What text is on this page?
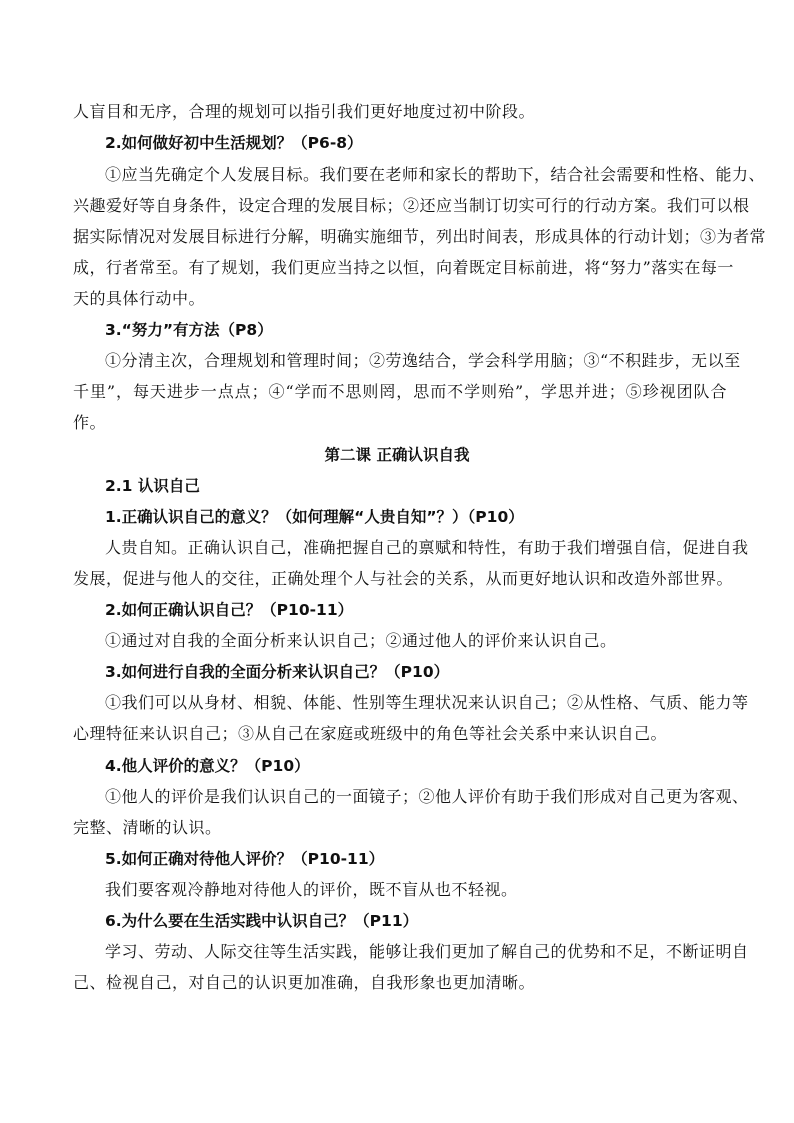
人盲目和无序，合理的规划可以指引我们更好地度过初中阶段。
2.如何做好初中生活规划？（P6-8）
①应当先确定个人发展目标。我们要在老师和家长的帮助下，结合社会需要和性格、能力、
兴趣爱好等自身条件，设定合理的发展目标；②还应当制订切实可行的行动方案。我们可以根
据实际情况对发展目标进行分解，明确实施细节，列出时间表，形成具体的行动计划；③为者常
成，行者常至。有了规划，我们更应当持之以恒，向着既定目标前进，将“努力”落实在每一
天的具体行动中。
3.“努力”有方法（P8）
①分清主次，合理规划和管理时间；②劳逸结合，学会科学用脑；③“不积跬步，无以至
千里”，每天进步一点点；④“学而不思则罔，思而不学则殆”，学思并进；⑤珍视团队合
作。
第二课 正确认识自我
2.1 认识自己
1.正确认识自己的意义？（如何理解“人贵自知”？）（P10）
人贵自知。正确认识自己，准确把握自己的禀赋和特性，有助于我们增强自信，促进自我
发展，促进与他人的交往，正确处理个人与社会的关系，从而更好地认识和改造外部世界。
2.如何正确认识自己？（P10-11）
①通过对自我的全面分析来认识自己；②通过他人的评价来认识自己。
3.如何进行自我的全面分析来认识自己？（P10）
①我们可以从身材、相貌、体能、性别等生理状况来认识自己；②从性格、气质、能力等
心理特征来认识自己；③从自己在家庭或班级中的角色等社会关系中来认识自己。
4.他人评价的意义？（P10）
①他人的评价是我们认识自己的一面镜子；②他人评价有助于我们形成对自己更为客观、
完整、清晰的认识。
5.如何正确对待他人评价？（P10-11）
我们要客观冷静地对待他人的评价，既不盲从也不轻视。
6.为什么要在生活实践中认识自己？（P11）
学习、劳动、人际交往等生活实践，能够让我们更加了解自己的优势和不足，不断证明自
己、检视自己，对自己的认识更加准确，自我形象也更加清晰。
